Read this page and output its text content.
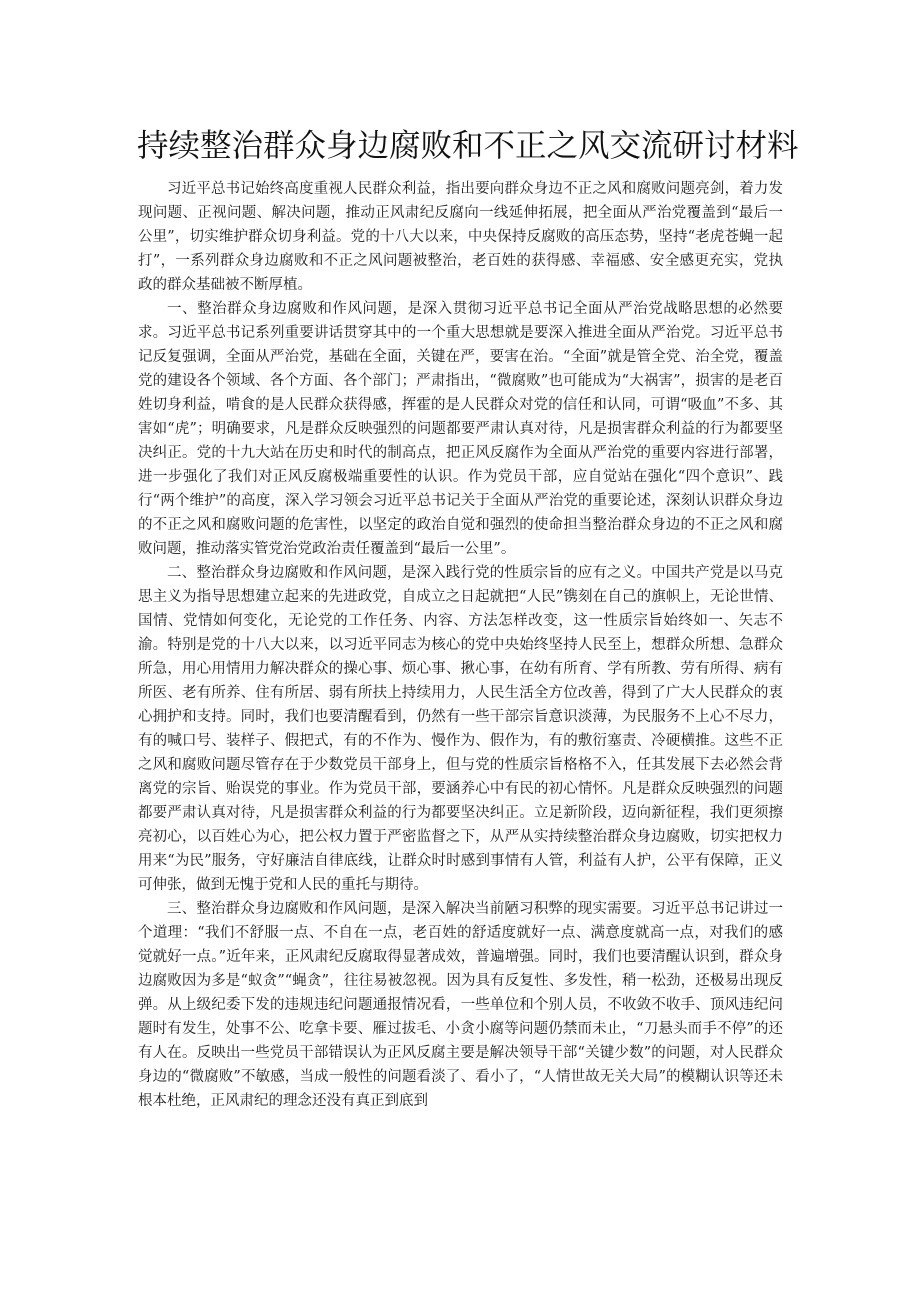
持续整治群众身边腐败和不正之风交流研讨材料

习近平总书记始终高度重视人民群众利益，指出要向群众身边不正之风和腐败问题亮剑，着力发现问题、正视问题、解决问题，推动正风肃纪反腐向一线延伸拓展，把全面从严治党覆盖到“最后一公里”，切实维护群众切身利益。党的十八大以来，中央保持反腐败的高压态势，坚持“老虎苍蝇一起打”，一系列群众身边腐败和不正之风问题被整治，老百姓的获得感、幸福感、安全感更充实，党执政的群众基础被不断厚植。

一、整治群众身边腐败和作风问题，是深入贯彻习近平总书记全面从严治党战略思想的必然要求。习近平总书记系列重要讲话贯穿其中的一个重大思想就是要深入推进全面从严治党。习近平总书记反复强调，全面从严治党，基础在全面，关键在严，要害在治。“全面”就是管全党、治全党，覆盖党的建设各个领域、各个方面、各个部门；严肃指出，“微腐败”也可能成为“大祸害”，损害的是老百姓切身利益，啃食的是人民群众获得感，挥霍的是人民群众对党的信任和认同，可谓“吸血”不多、其害如“虎”；明确要求，凡是群众反映强烈的问题都要严肃认真对待，凡是损害群众利益的行为都要坚决纠正。党的十九大站在历史和时代的制高点，把正风反腐作为全面从严治党的重要内容进行部署，进一步强化了我们对正风反腐极端重要性的认识。作为党员干部，应自觉站在强化“四个意识”、践行“两个维护”的高度，深入学习领会习近平总书记关于全面从严治党的重要论述，深刻认识群众身边的不正之风和腐败问题的危害性，以坚定的政治自觉和强烈的使命担当整治群众身边的不正之风和腐败问题，推动落实管党治党政治责任覆盖到“最后一公里”。

二、整治群众身边腐败和作风问题，是深入践行党的性质宗旨的应有之义。中国共产党是以马克思主义为指导思想建立起来的先进政党，自成立之日起就把“人民”镌刻在自己的旗帜上，无论世情、国情、党情如何变化，无论党的工作任务、内容、方法怎样改变，这一性质宗旨始终如一、矢志不渝。特别是党的十八大以来，以习近平同志为核心的党中央始终坚持人民至上，想群众所想、急群众所急，用心用情用力解决群众的操心事、烦心事、揪心事，在幼有所育、学有所教、劳有所得、病有所医、老有所养、住有所居、弱有所扶上持续用力，人民生活全方位改善，得到了广大人民群众的衷心拥护和支持。同时，我们也要清醒看到，仍然有一些干部宗旨意识淡薄，为民服务不上心不尽力，有的喊口号、装样子、假把式，有的不作为、慢作为、假作为，有的敷衍塞责、冷硬横推。这些不正之风和腐败问题尽管存在于少数党员干部身上，但与党的性质宗旨格格不入，任其发展下去必然会背离党的宗旨、贻误党的事业。作为党员干部，要涵养心中有民的初心情怀。凡是群众反映强烈的问题都要严肃认真对待，凡是损害群众利益的行为都要坚决纠正。立足新阶段，迈向新征程，我们更须擦亮初心，以百姓心为心，把公权力置于严密监督之下，从严从实持续整治群众身边腐败，切实把权力用来“为民”服务，守好廉洁自律底线，让群众时时感到事情有人管，利益有人护，公平有保障，正义可伸张，做到无愧于党和人民的重托与期待。

三、整治群众身边腐败和作风问题，是深入解决当前陋习积弊的现实需要。习近平总书记讲过一个道理：“我们不舒服一点、不自在一点，老百姓的舒适度就好一点、满意度就高一点，对我们的感觉就好一点。”近年来，正风肃纪反腐取得显著成效，普遍增强。同时，我们也要清醒认识到，群众身边腐败因为多是“蚁贪”“蝇贪”，往往易被忽视。因为具有反复性、多发性，稍一松劲，还极易出现反弹。从上级纪委下发的违规违纪问题通报情况看，一些单位和个别人员，不收敛不收手、顶风违纪问题时有发生，处事不公、吃拿卡要、雁过拔毛、小贪小腐等问题仍禁而未止，“刀悬头而手不停”的还有人在。反映出一些党员干部错误认为正风反腐主要是解决领导干部“关键少数”的问题，对人民群众身边的“微腐败”不敏感，当成一般性的问题看淡了、看小了，“人情世故无关大局”的模糊认识等还未根本杜绝，正风肃纪的理念还没有真正到底到
